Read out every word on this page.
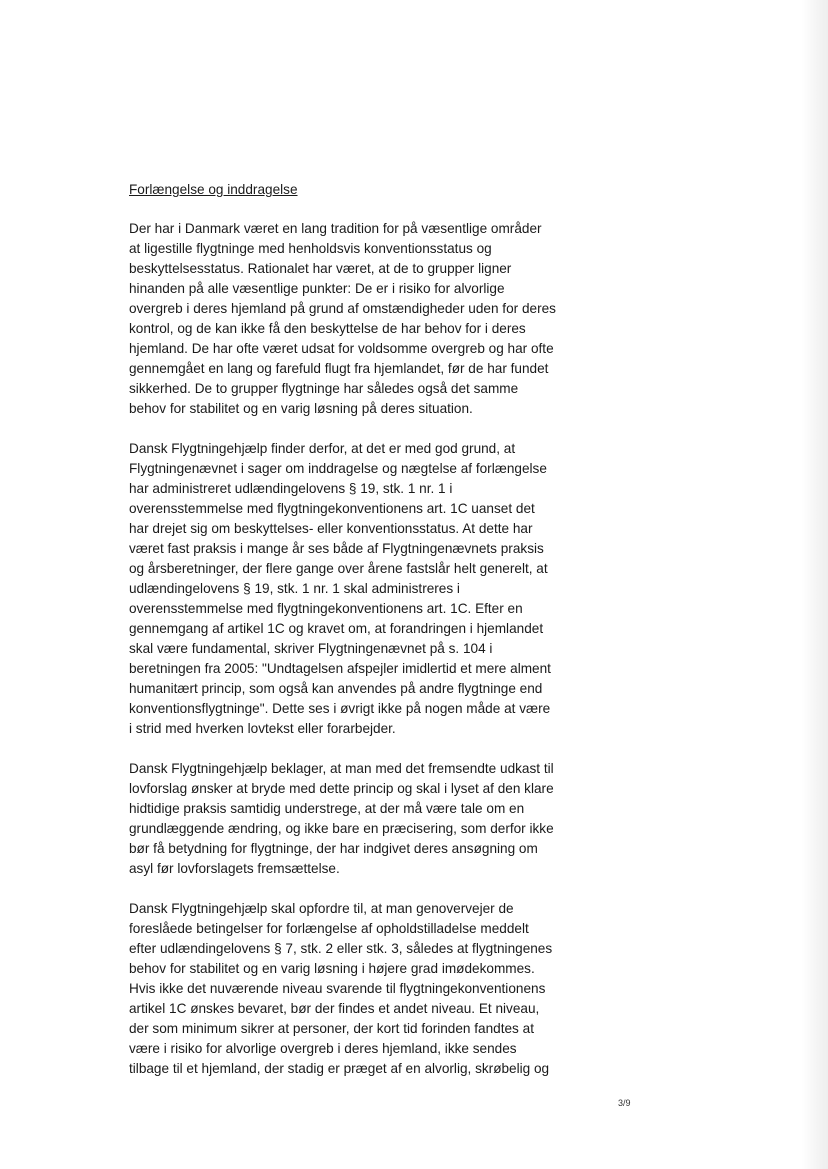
Forlængelse og inddragelse
Der har i Danmark været en lang tradition for på væsentlige områder
at ligestille flygtninge med henholdsvis konventionsstatus og
beskyttelsesstatus. Rationalet har været, at de to grupper ligner
hinanden på alle væsentlige punkter: De er i risiko for alvorlige
overgreb i deres hjemland på grund af omstændigheder uden for deres
kontrol, og de kan ikke få den beskyttelse de har behov for i deres
hjemland. De har ofte været udsat for voldsomme overgreb og har ofte
gennemgået en lang og farefuld flugt fra hjemlandet, før de har fundet
sikkerhed. De to grupper flygtninge har således også det samme
behov for stabilitet og en varig løsning på deres situation.
Dansk Flygtningehjælp finder derfor, at det er med god grund, at
Flygtningenævnet i sager om inddragelse og nægtelse af forlængelse
har administreret udlændingelovens § 19, stk. 1 nr. 1 i
overensstemmelse med flygtningekonventionens art. 1C uanset det
har drejet sig om beskyttelses- eller konventionsstatus. At dette har
været fast praksis i mange år ses både af Flygtningenævnets praksis
og årsberetninger, der flere gange over årene fastslår helt generelt, at
udlændingelovens § 19, stk. 1 nr. 1 skal administreres i
overensstemmelse med flygtningekonventionens art. 1C. Efter en
gennemgang af artikel 1C og kravet om, at forandringen i hjemlandet
skal være fundamental, skriver Flygtningenævnet på s. 104 i
beretningen fra 2005: "Undtagelsen afspejler imidlertid et mere alment
humanitært princip, som også kan anvendes på andre flygtninge end
konventionsflygtninge". Dette ses i øvrigt ikke på nogen måde at være
i strid med hverken lovtekst eller forarbejder.
Dansk Flygtningehjælp beklager, at man med det fremsendte udkast til
lovforslag ønsker at bryde med dette princip og skal i lyset af den klare
hidtidige praksis samtidig understrege, at der må være tale om en
grundlæggende ændring, og ikke bare en præcisering, som derfor ikke
bør få betydning for flygtninge, der har indgivet deres ansøgning om
asyl før lovforslagets fremsættelse.
Dansk Flygtningehjælp skal opfordre til, at man genovervejer de
foreslåede betingelser for forlængelse af opholdstilladelse meddelt
efter udlændingelovens § 7, stk. 2 eller stk. 3, således at flygtningenes
behov for stabilitet og en varig løsning i højere grad imødekommes.
Hvis ikke det nuværende niveau svarende til flygtningekonventionens
artikel 1C ønskes bevaret, bør der findes et andet niveau. Et niveau,
der som minimum sikrer at personer, der kort tid forinden fandtes at
være i risiko for alvorlige overgreb i deres hjemland, ikke sendes
tilbage til et hjemland, der stadig er præget af en alvorlig, skrøbelig og
3/9
